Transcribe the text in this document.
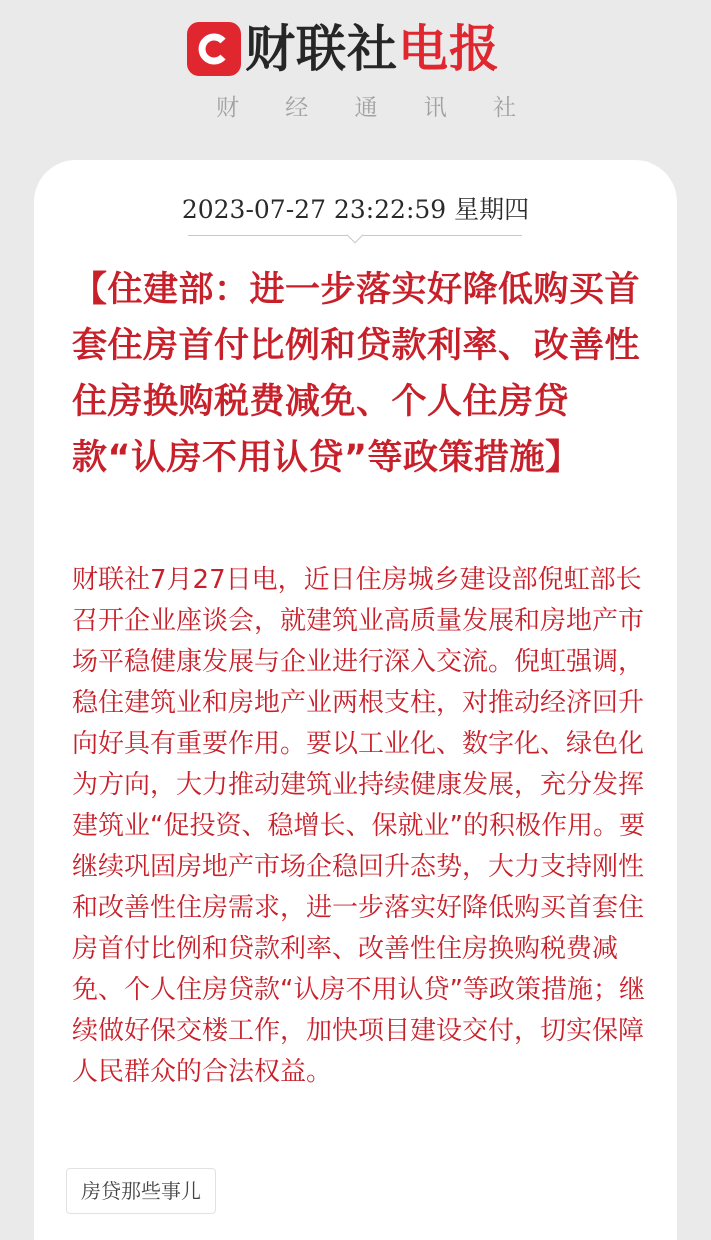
财联社电报
财 经 通 讯 社
2023-07-27 23:22:59 星期四
【住建部：进一步落实好降低购买首套住房首付比例和贷款利率、改善性住房换购税费减免、个人住房贷款“认房不用认贷”等政策措施】

财联社7月27日电，近日住房城乡建设部倪虹部长召开企业座谈会，就建筑业高质量发展和房地产市场平稳健康发展与企业进行深入交流。倪虹强调，稳住建筑业和房地产业两根支柱，对推动经济回升向好具有重要作用。要以工业化、数字化、绿色化为方向，大力推动建筑业持续健康发展，充分发挥建筑业“促投资、稳增长、保就业”的积极作用。要继续巩固房地产市场企稳回升态势，大力支持刚性和改善性住房需求，进一步落实好降低购买首套住房首付比例和贷款利率、改善性住房换购税费减免、个人住房贷款“认房不用认贷”等政策措施；继续做好保交楼工作，加快项目建设交付，切实保障人民群众的合法权益。

房贷那些事儿
